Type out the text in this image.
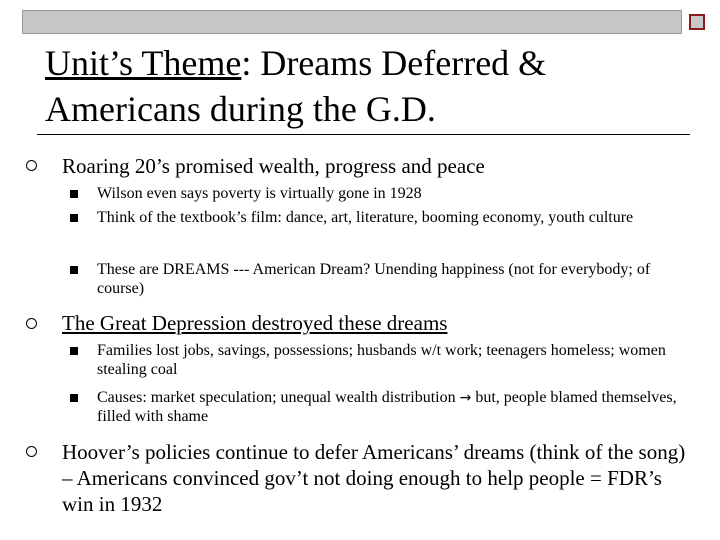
Unit’s Theme: Dreams Deferred & Americans during the G.D.
Roaring 20’s promised wealth, progress and peace
Wilson even says poverty is virtually gone in 1928
Think of the textbook’s film: dance, art, literature, booming economy, youth culture
These are DREAMS --- American Dream? Unending happiness (not for everybody; of course)
The Great Depression destroyed these dreams
Families lost jobs, savings, possessions; husbands w/t work; teenagers homeless; women stealing coal
Causes: market speculation; unequal wealth distribution → but, people blamed themselves, filled with shame
Hoover’s policies continue to defer Americans’ dreams (think of the song) – Americans convinced gov’t not doing enough to help people = FDR’s win in 1932
